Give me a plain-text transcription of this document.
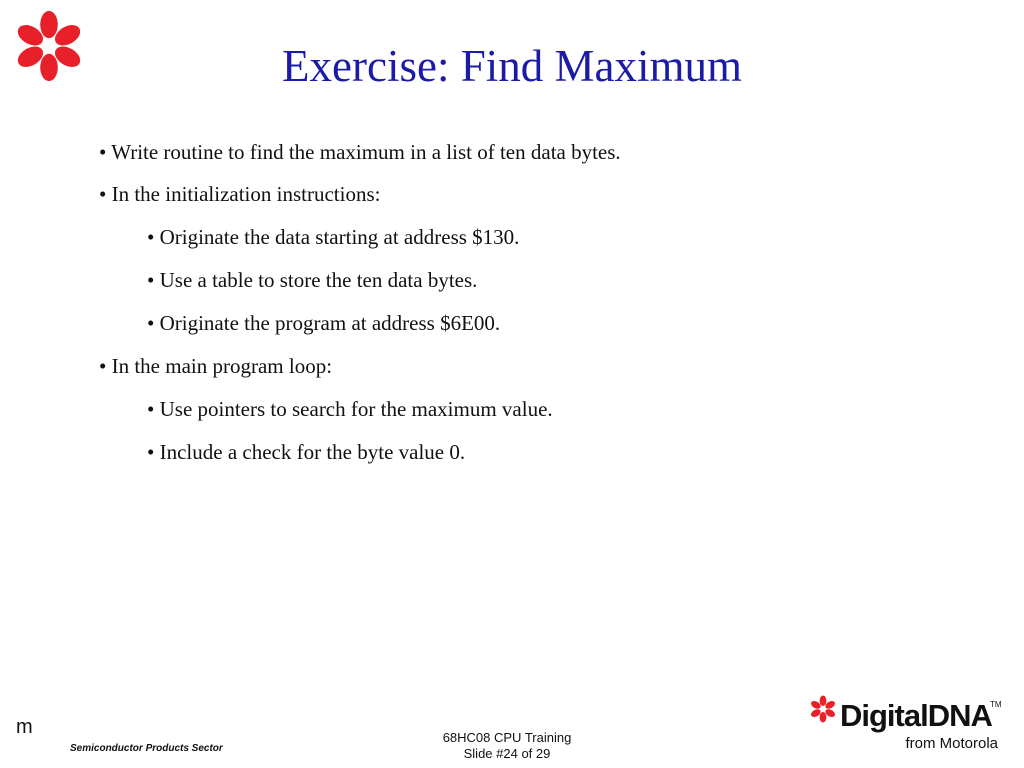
Exercise: Find Maximum
• Write routine to find the maximum in a list of ten data bytes.
• In the initialization instructions:
• Originate the data starting at address $130.
• Use a table to store the ten data bytes.
• Originate the program at address $6E00.
• In the main program loop:
• Use pointers to search for the maximum value.
• Include a check for the byte value 0.
m
Semiconductor Products Sector
68HC08 CPU Training
Slide #24 of 29
DigitalDNA
TM
from Motorola
